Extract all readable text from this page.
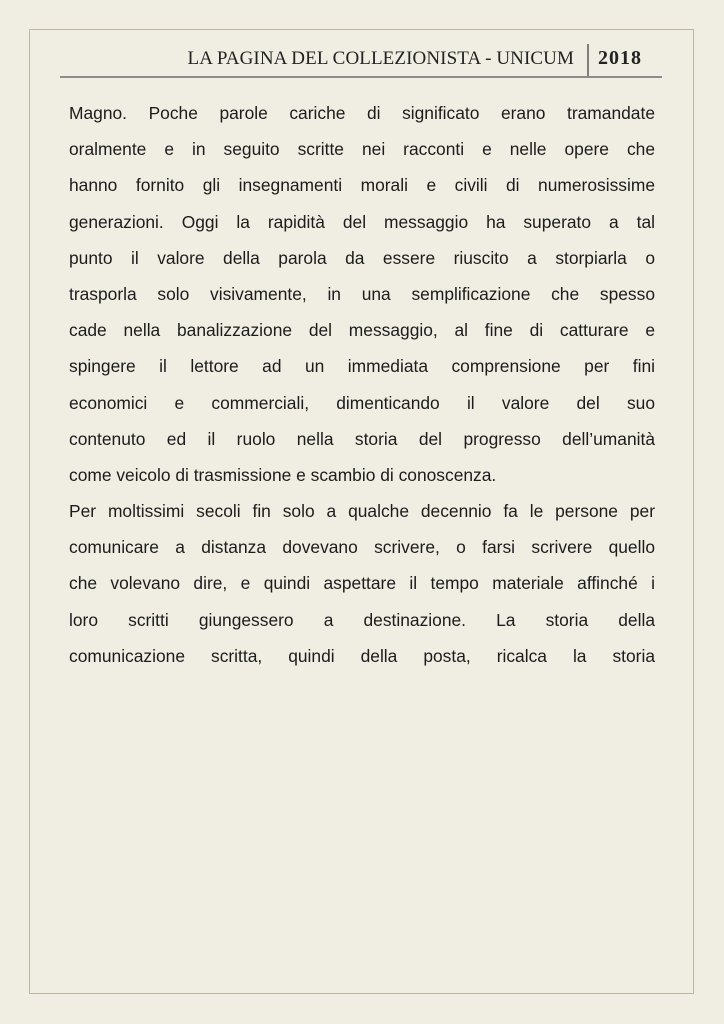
LA PAGINA DEL COLLEZIONISTA - UNICUM 2018
Magno. Poche parole cariche di significato erano tramandate
oralmente e in seguito scritte nei racconti e nelle opere che
hanno fornito gli insegnamenti morali e civili di numerosissime
generazioni. Oggi la rapidità del messaggio ha superato a tal
punto il valore della parola da essere riuscito a storpiarla o
trasporla solo visivamente, in una semplificazione che spesso
cade nella banalizzazione del messaggio, al fine di catturare e
spingere il lettore ad un immediata comprensione per fini
economici e commerciali, dimenticando il valore del suo
contenuto ed il ruolo nella storia del progresso dell’umanità
come veicolo di trasmissione e scambio di conoscenza.
Per moltissimi secoli fin solo a qualche decennio fa le persone per
comunicare a distanza dovevano scrivere, o farsi scrivere quello
che volevano dire, e quindi aspettare il tempo materiale affinché i
loro scritti giungessero a destinazione. La storia della
comunicazione scritta, quindi della posta, ricalca la storia
